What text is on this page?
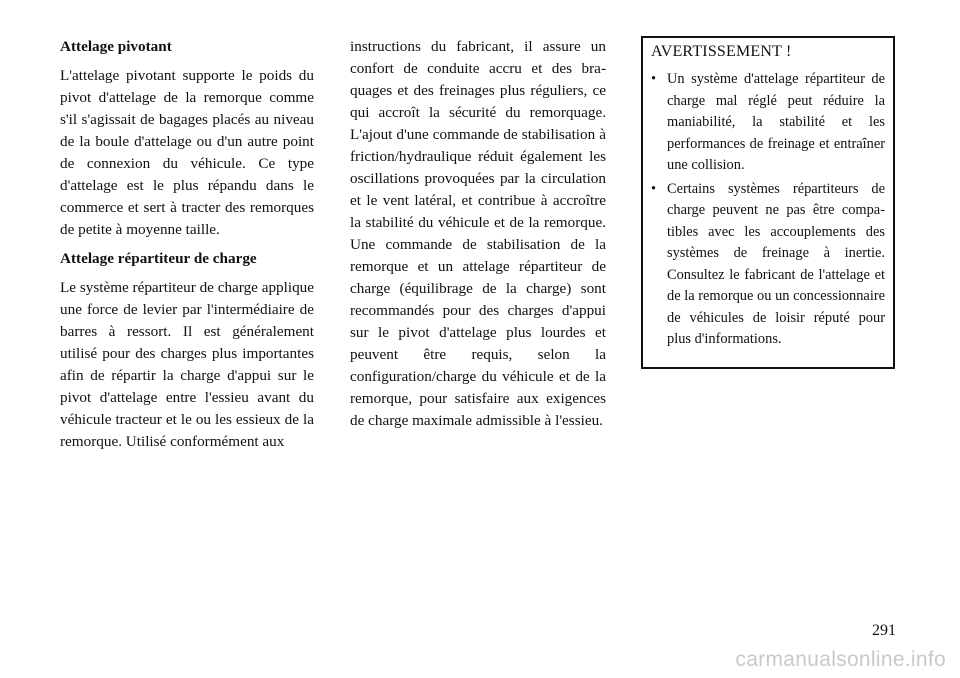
Attelage pivotant

L'attelage pivotant supporte le poids du pivot d'attelage de la remorque comme s'il s'agissait de bagages placés au niveau de la boule d'attelage ou d'un autre point de connexion du véhicule. Ce type d'attelage est le plus répandu dans le commerce et sert à tracter des remorques de petite à moyenne taille.

Attelage répartiteur de charge

Le système répartiteur de charge applique une force de levier par l'intermédiaire de barres à ressort. Il est généralement utilisé pour des charges plus importantes afin de répartir la charge d'appui sur le pivot d'attelage entre l'essieu avant du véhicule tracteur et le ou les essieux de la remorque. Utilisé conformément aux

instructions du fabricant, il assure un confort de conduite accru et des braquages et des freinages plus réguliers, ce qui accroît la sécurité du remorquage. L'ajout d'une commande de stabilisation à friction/hydraulique réduit également les oscillations provoquées par la circulation et le vent latéral, et contribue à accroître la stabilité du véhicule et de la remorque. Une commande de stabilisation de la remorque et un attelage répartiteur de charge (équilibrage de la charge) sont recommandés pour des charges d'appui sur le pivot d'attelage plus lourdes et peuvent être requis, selon la configuration/charge du véhicule et de la remorque, pour satisfaire aux exigences de charge maximale admissible à l'essieu.

AVERTISSEMENT !
• Un système d'attelage répartiteur de charge mal réglé peut réduire la maniabilité, la stabilité et les performances de freinage et entraîner une collision.
• Certains systèmes répartiteurs de charge peuvent ne pas être compatibles avec les accouplements des systèmes de freinage à inertie. Consultez le fabricant de l'attelage et de la remorque ou un concessionnaire de véhicules de loisir réputé pour plus d'informations.
291
carmanualsonline.info
